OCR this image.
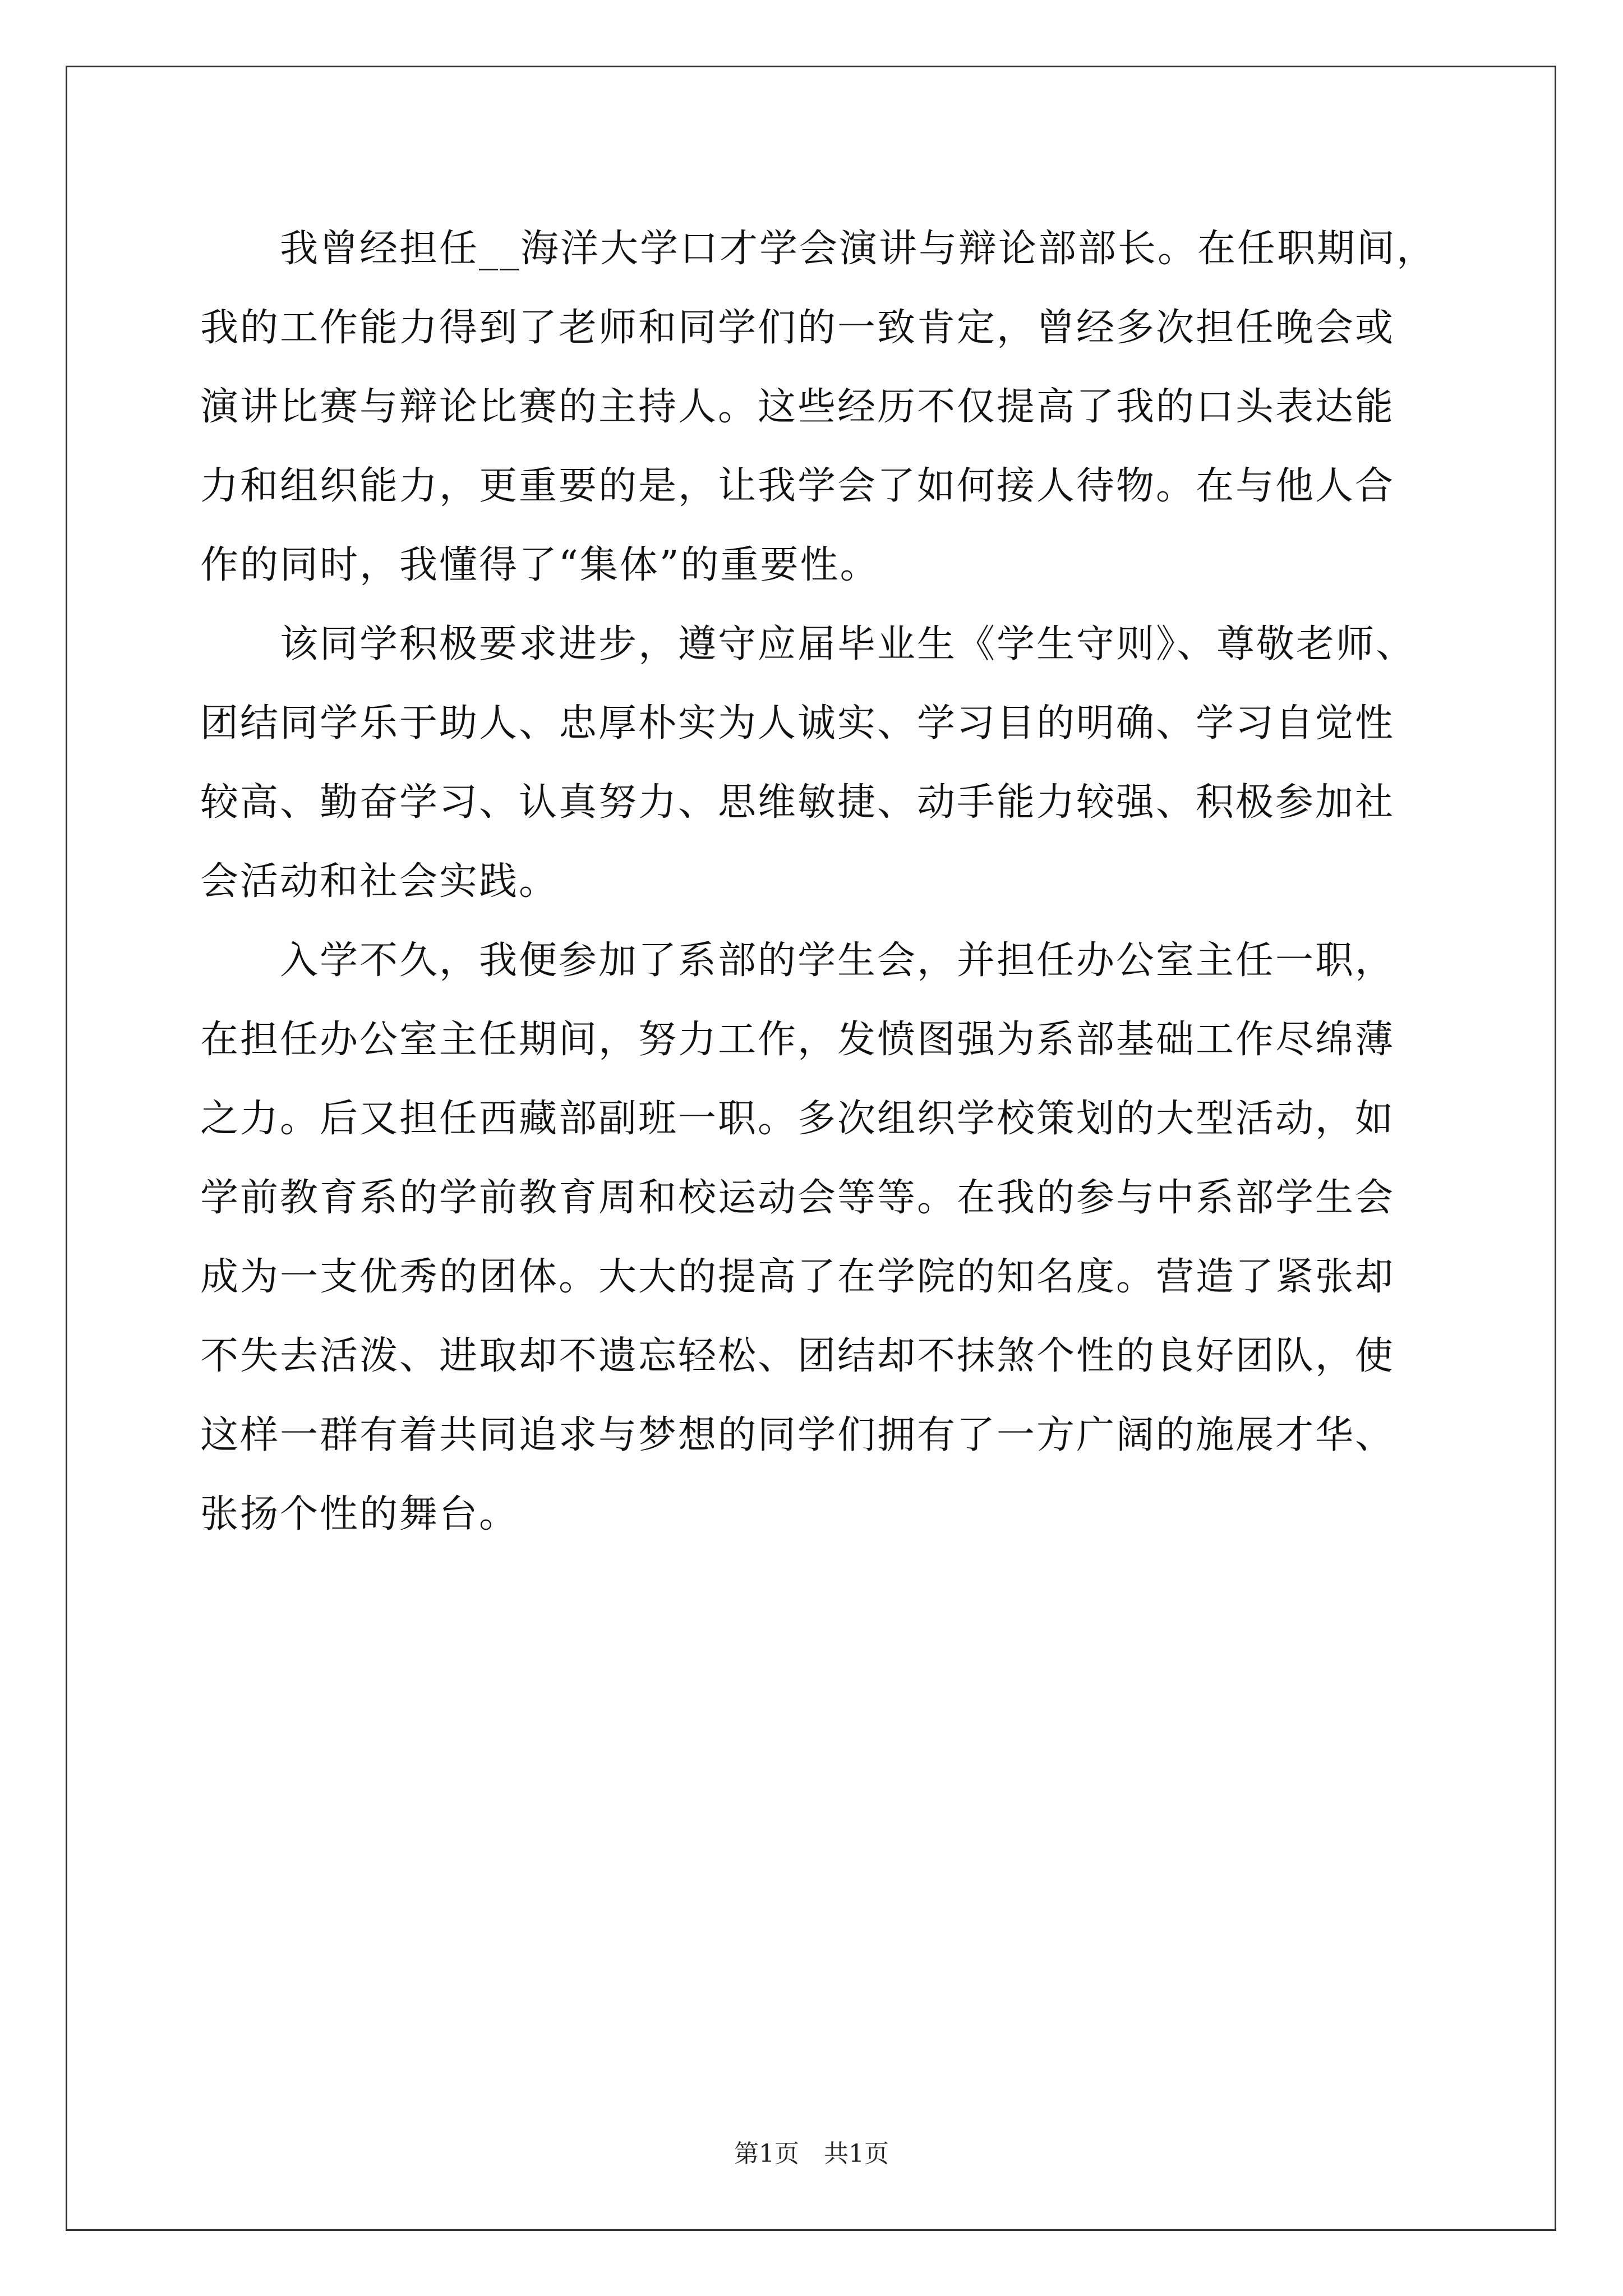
我曾经担任__海洋大学口才学会演讲与辩论部部长。在任职期间，
我的工作能力得到了老师和同学们的一致肯定，曾经多次担任晚会或
演讲比赛与辩论比赛的主持人。这些经历不仅提高了我的口头表达能
力和组织能力，更重要的是，让我学会了如何接人待物。在与他人合
作的同时，我懂得了“集体”的重要性。

该同学积极要求进步，遵守应届毕业生《学生守则》、尊敬老师、
团结同学乐于助人、忠厚朴实为人诚实、学习目的明确、学习自觉性
较高、勤奋学习、认真努力、思维敏捷、动手能力较强、积极参加社
会活动和社会实践。

入学不久，我便参加了系部的学生会，并担任办公室主任一职，
在担任办公室主任期间，努力工作，发愤图强为系部基础工作尽绵薄
之力。后又担任西藏部副班一职。多次组织学校策划的大型活动，如
学前教育系的学前教育周和校运动会等等。在我的参与中系部学生会
成为一支优秀的团体。大大的提高了在学院的知名度。营造了紧张却
不失去活泼、进取却不遗忘轻松、团结却不抹煞个性的良好团队，使
这样一群有着共同追求与梦想的同学们拥有了一方广阔的施展才华、
张扬个性的舞台。

第1页　共1页
